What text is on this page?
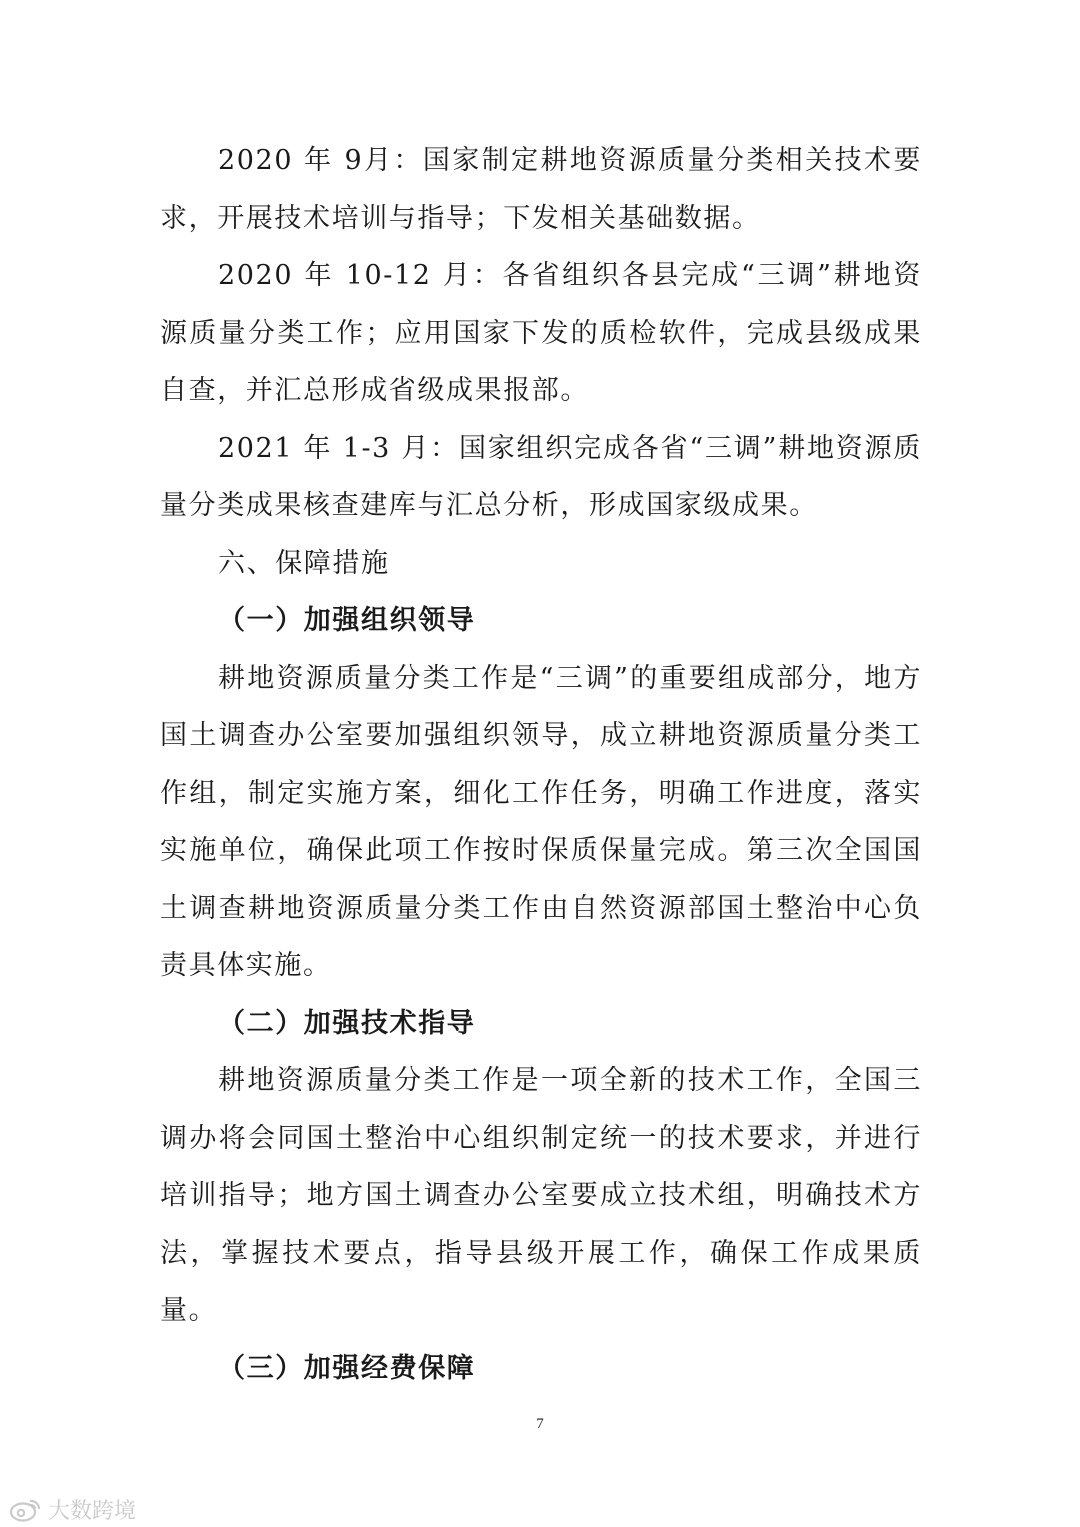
2020 年 9月：国家制定耕地资源质量分类相关技术要求，开展技术培训与指导；下发相关基础数据。

2020 年 10-12 月：各省组织各县完成“三调”耕地资源质量分类工作；应用国家下发的质检软件，完成县级成果自查，并汇总形成省级成果报部。

2021 年 1-3 月：国家组织完成各省“三调”耕地资源质量分类成果核查建库与汇总分析，形成国家级成果。

六、保障措施

（一）加强组织领导

耕地资源质量分类工作是“三调”的重要组成部分，地方国土调查办公室要加强组织领导，成立耕地资源质量分类工作组，制定实施方案，细化工作任务，明确工作进度，落实实施单位，确保此项工作按时保质保量完成。第三次全国国土调查耕地资源质量分类工作由自然资源部国土整治中心负责具体实施。

（二）加强技术指导

耕地资源质量分类工作是一项全新的技术工作，全国三调办将会同国土整治中心组织制定统一的技术要求，并进行培训指导；地方国土调查办公室要成立技术组，明确技术方法，掌握技术要点，指导县级开展工作，确保工作成果质量。

（三）加强经费保障

7
大数跨境
